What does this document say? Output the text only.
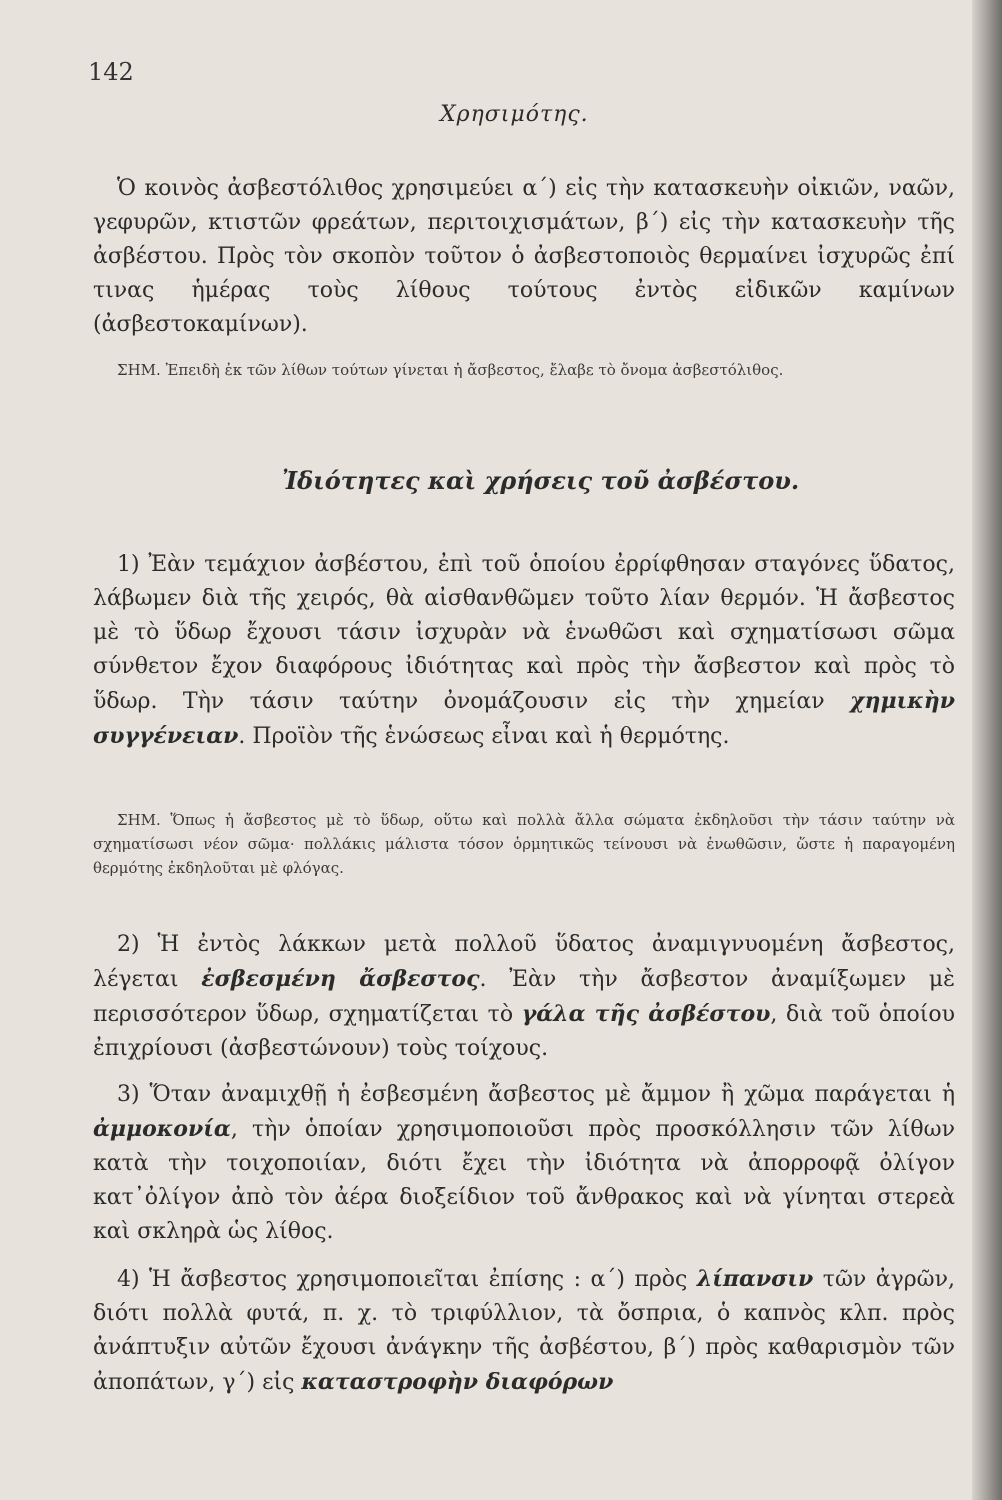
142
Χρησιμότης.
Ὁ κοινὸς ἀσβεστόλιθος χρησιμεύει α΄) εἰς τὴν κατασκευὴν οἰκιῶν, ναῶν, γεφυρῶν, κτιστῶν φρεάτων, περιτοιχισμάτων, β΄) εἰς τὴν κατασκευὴν τῆς ἀσβέστου. Πρὸς τὸν σκοπὸν τοῦτον ὁ ἀσβεστοποιὸς θερμαίνει ἰσχυρῶς ἐπί τινας ἡμέρας τοὺς λίθους τούτους ἐντὸς εἰδικῶν καμίνων (ἀσβεστοκαμίνων).
ΣΗΜ. Ἐπειδὴ ἐκ τῶν λίθων τούτων γίνεται ἡ ἄσβεστος, ἔλαβε τὸ ὄνομα ἀσβεστόλιθος.
Ἰδιότητες καὶ χρήσεις τοῦ ἀσβέστου.
1) Ἐὰν τεμάχιον ἀσβέστου, ἐπὶ τοῦ ὁποίου ἐρρίφθησαν σταγόνες ὕδατος, λάβωμεν διὰ τῆς χειρός, θὰ αἰσθανθῶμεν τοῦτο λίαν θερμόν. Ἡ ἄσβεστος μὲ τὸ ὕδωρ ἔχουσι τάσιν ἰσχυρὰν νὰ ἑνωθῶσι καὶ σχηματίσωσι σῶμα σύνθετον ἔχον διαφόρους ἰδιότητας καὶ πρὸς τὴν ἄσβεστον καὶ πρὸς τὸ ὕδωρ. Τὴν τάσιν ταύτην ὀνομάζουσιν εἰς τὴν χημείαν χημικὴν συγγένειαν. Προϊὸν τῆς ἑνώσεως εἶναι καὶ ἡ θερμότης.
ΣΗΜ. Ὅπως ἡ ἄσβεστος μὲ τὸ ὕδωρ, οὕτω καὶ πολλὰ ἄλλα σώματα ἐκδηλοῦσι τὴν τάσιν ταύτην νὰ σχηματίσωσι νέον σῶμα· πολλάκις μάλιστα τόσον ὁρμητικῶς τείνουσι νὰ ἑνωθῶσιν, ὥστε ἡ παραγομένη θερμότης ἐκδηλοῦται μὲ φλόγας.
2) Ἡ ἐντὸς λάκκων μετὰ πολλοῦ ὕδατος ἀναμιγνυομένη ἄσβεστος, λέγεται ἐσβεσμένη ἄσβεστος. Ἐὰν τὴν ἄσβεστον ἀναμίξωμεν μὲ περισσότερον ὕδωρ, σχηματίζεται τὸ γάλα τῆς ἀσβέστου, διὰ τοῦ ὁποίου ἐπιχρίουσι (ἀσβεστώνουν) τοὺς τοίχους.
3) Ὅταν ἀναμιχθῇ ἡ ἐσβεσμένη ἄσβεστος μὲ ἄμμον ἢ χῶμα παράγεται ἡ ἀμμοκονία, τὴν ὁποίαν χρησιμοποιοῦσι πρὸς προσκόλλησιν τῶν λίθων κατὰ τὴν τοιχοποιίαν, διότι ἔχει τὴν ἰδιότητα νὰ ἀπορροφᾷ ὀλίγον κατ᾽ὀλίγον ἀπὸ τὸν ἀέρα διοξείδιον τοῦ ἄνθρακος καὶ νὰ γίνηται στερεὰ καὶ σκληρὰ ὡς λίθος.
4) Ἡ ἄσβεστος χρησιμοποιεῖται ἐπίσης : α΄) πρὸς λίπανσιν τῶν ἀγρῶν, διότι πολλὰ φυτά, π. χ. τὸ τριφύλλιον, τὰ ὄσπρια, ὁ καπνὸς κλπ. πρὸς ἀνάπτυξιν αὐτῶν ἔχουσι ἀνάγκην τῆς ἀσβέστου, β΄) πρὸς καθαρισμὸν τῶν ἀποπάτων, γ΄) εἰς καταστροφὴν διαφόρων
